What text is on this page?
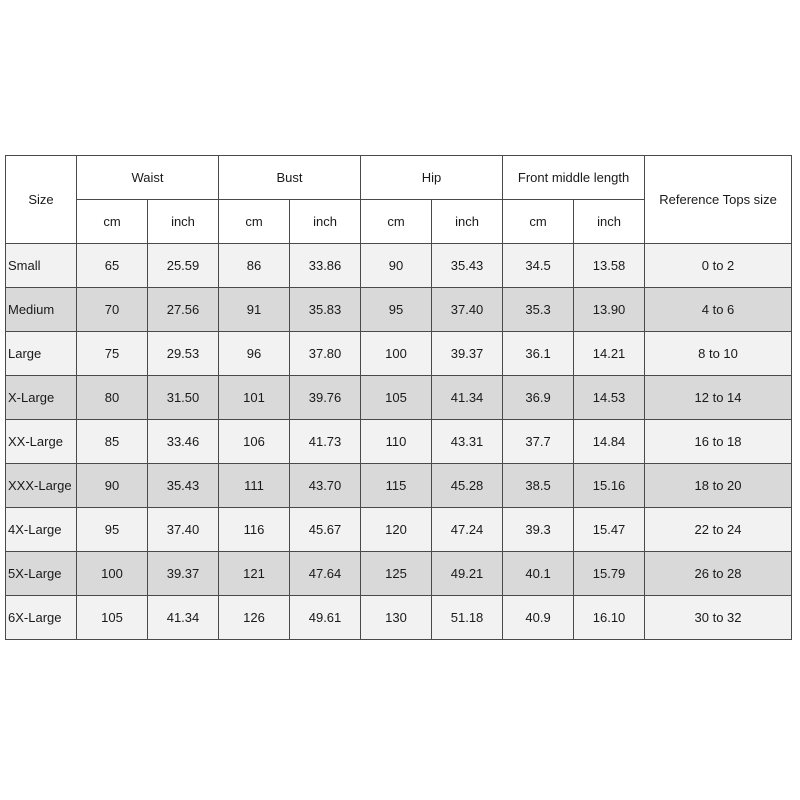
Size	Waist		Bust		Hip		Front middle length		Reference Tops size
	cm	inch	cm	inch	cm	inch	cm	inch	
Small	65	25.59	86	33.86	90	35.43	34.5	13.58	0 to 2
Medium	70	27.56	91	35.83	95	37.40	35.3	13.90	4 to 6
Large	75	29.53	96	37.80	100	39.37	36.1	14.21	8 to 10
X-Large	80	31.50	101	39.76	105	41.34	36.9	14.53	12 to 14
XX-Large	85	33.46	106	41.73	110	43.31	37.7	14.84	16 to 18
XXX-Large	90	35.43	111	43.70	115	45.28	38.5	15.16	18 to 20
4X-Large	95	37.40	116	45.67	120	47.24	39.3	15.47	22 to 24
5X-Large	100	39.37	121	47.64	125	49.21	40.1	15.79	26 to 28
6X-Large	105	41.34	126	49.61	130	51.18	40.9	16.10	30 to 32
